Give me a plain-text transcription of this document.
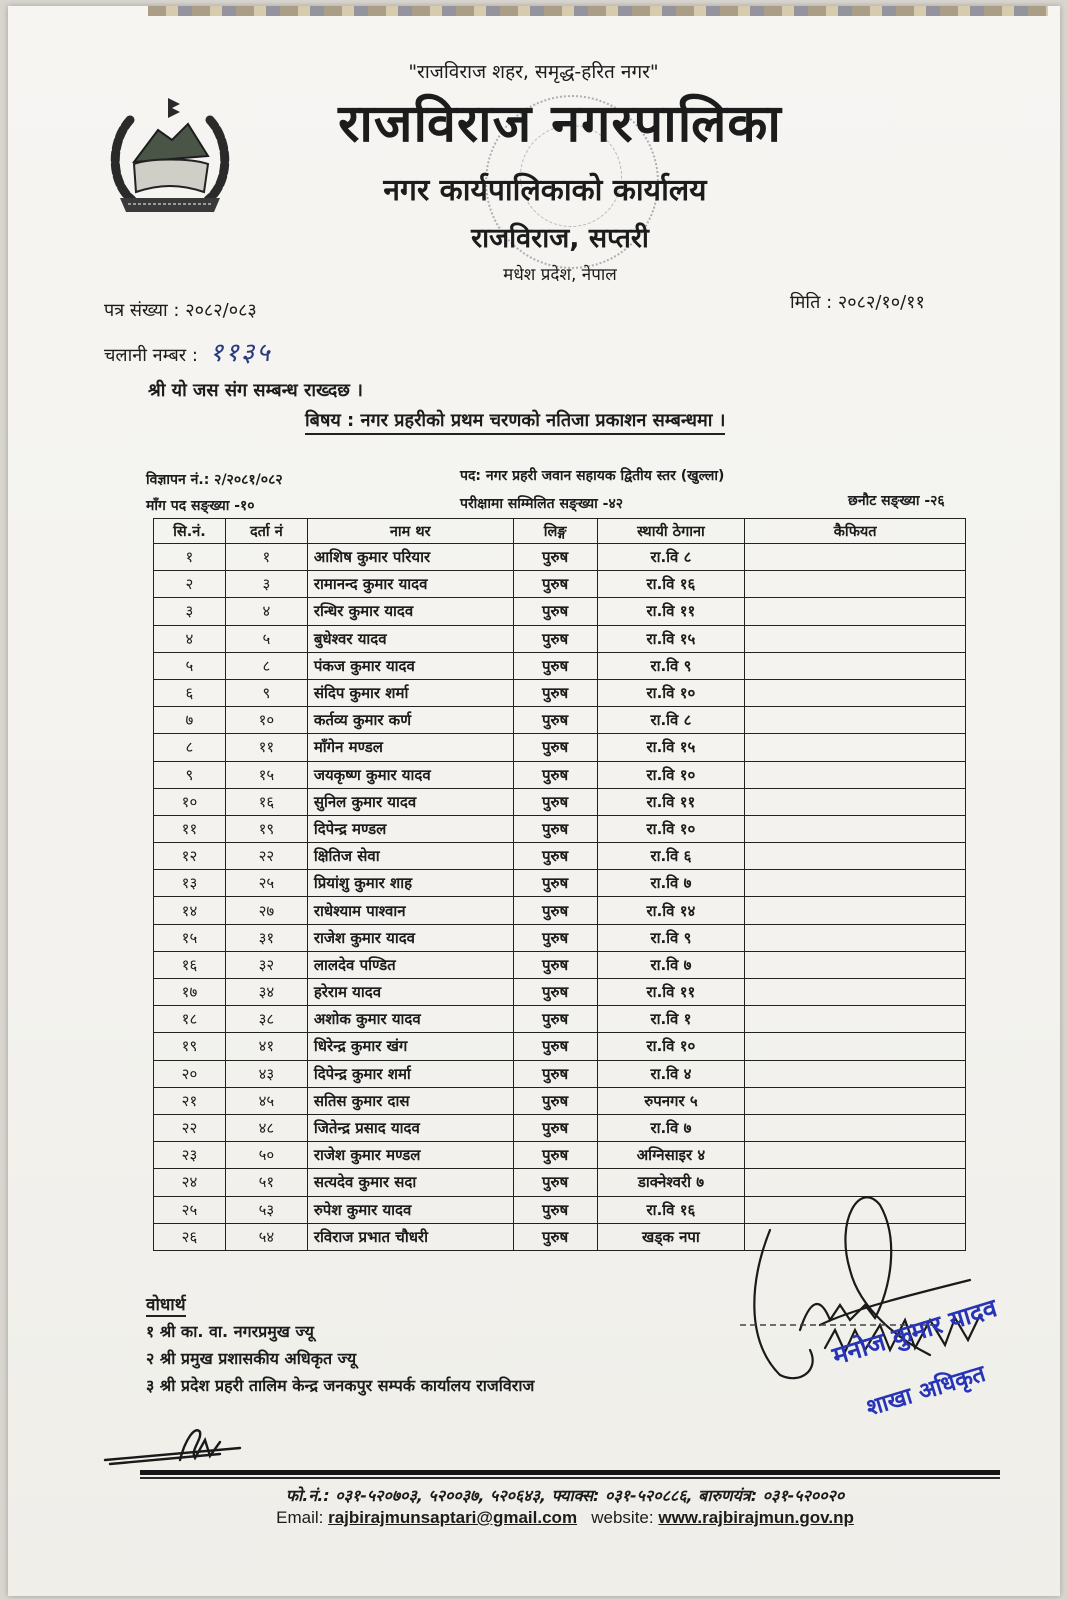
"राजविराज शहर, समृद्ध-हरित नगर"
राजविराज नगरपालिका
नगर कार्यपालिकाको कार्यालय
राजविराज, सप्तरी
मधेश प्रदेश, नेपाल
पत्र संख्या : २०८२/०८३
चलानी नम्बर : ११३५
मिति : २०८२/१०/११
श्री यो जस संग सम्बन्ध राख्दछ ।
बिषय : नगर प्रहरीको प्रथम चरणको नतिजा प्रकाशन सम्बन्धमा ।
विज्ञापन नं.: २/२०८१/०८२	पद: नगर प्रहरी जवान सहायक द्वितीय स्तर (खुल्ला)
माँग पद सङ्ख्या -१०	परीक्षामा सम्मिलित सङ्ख्या -४२	छनौट सङ्ख्या -२६
सि.नं.	दर्ता नं	नाम थर	लिङ्ग	स्थायी ठेगाना	कैफियत
१	१	आशिष कुमार परियार	पुरुष	रा.वि ८	
२	३	रामानन्द कुमार यादव	पुरुष	रा.वि १६	
३	४	रन्धिर कुमार यादव	पुरुष	रा.वि ११	
४	५	बुधेश्वर यादव	पुरुष	रा.वि १५	
५	८	पंकज कुमार यादव	पुरुष	रा.वि ९	
६	९	संदिप कुमार शर्मा	पुरुष	रा.वि १०	
७	१०	कर्तव्य कुमार कर्ण	पुरुष	रा.वि ८	
८	११	माँगेन मण्डल	पुरुष	रा.वि १५	
९	१५	जयकृष्ण कुमार यादव	पुरुष	रा.वि १०	
१०	१६	सुनिल कुमार यादव	पुरुष	रा.वि ११	
११	१९	दिपेन्द्र मण्डल	पुरुष	रा.वि १०	
१२	२२	क्षितिज सेवा	पुरुष	रा.वि ६	
१३	२५	प्रियांशु कुमार शाह	पुरुष	रा.वि ७	
१४	२७	राधेश्याम पाश्वान	पुरुष	रा.वि १४	
१५	३१	राजेश कुमार यादव	पुरुष	रा.वि ९	
१६	३२	लालदेव पण्डित	पुरुष	रा.वि ७	
१७	३४	हरेराम यादव	पुरुष	रा.वि ११	
१८	३८	अशोक कुमार यादव	पुरुष	रा.वि १	
१९	४१	धिरेन्द्र कुमार खंग	पुरुष	रा.वि १०	
२०	४३	दिपेन्द्र कुमार शर्मा	पुरुष	रा.वि ४	
२१	४५	सतिस कुमार दास	पुरुष	रुपनगर ५	
२२	४८	जितेन्द्र प्रसाद यादव	पुरुष	रा.वि ७	
२३	५०	राजेश कुमार मण्डल	पुरुष	अग्निसाइर ४	
२४	५१	सत्यदेव कुमार सदा	पुरुष	डाक्नेश्वरी ७	
२५	५३	रुपेश कुमार यादव	पुरुष	रा.वि १६	
२६	५४	रविराज प्रभात चौधरी	पुरुष	खड्क नपा	
वोधार्थ
१ श्री का. वा. नगरप्रमुख ज्यू
२ श्री प्रमुख प्रशासकीय अधिकृत ज्यू
३ श्री प्रदेश प्रहरी तालिम केन्द्र जनकपुर सम्पर्क कार्यालय राजविराज
मनोज कुमार यादव
शाखा अधिकृत
फो.नं.: ०३१-५२०७०३, ५२००३७, ५२०६४३, फ्याक्स: ०३१-५२०८८६, बारुणयंत्र: ०३१-५२००२०
Email: rajbirajmunsaptari@gmail.com website: www.rajbirajmun.gov.np
